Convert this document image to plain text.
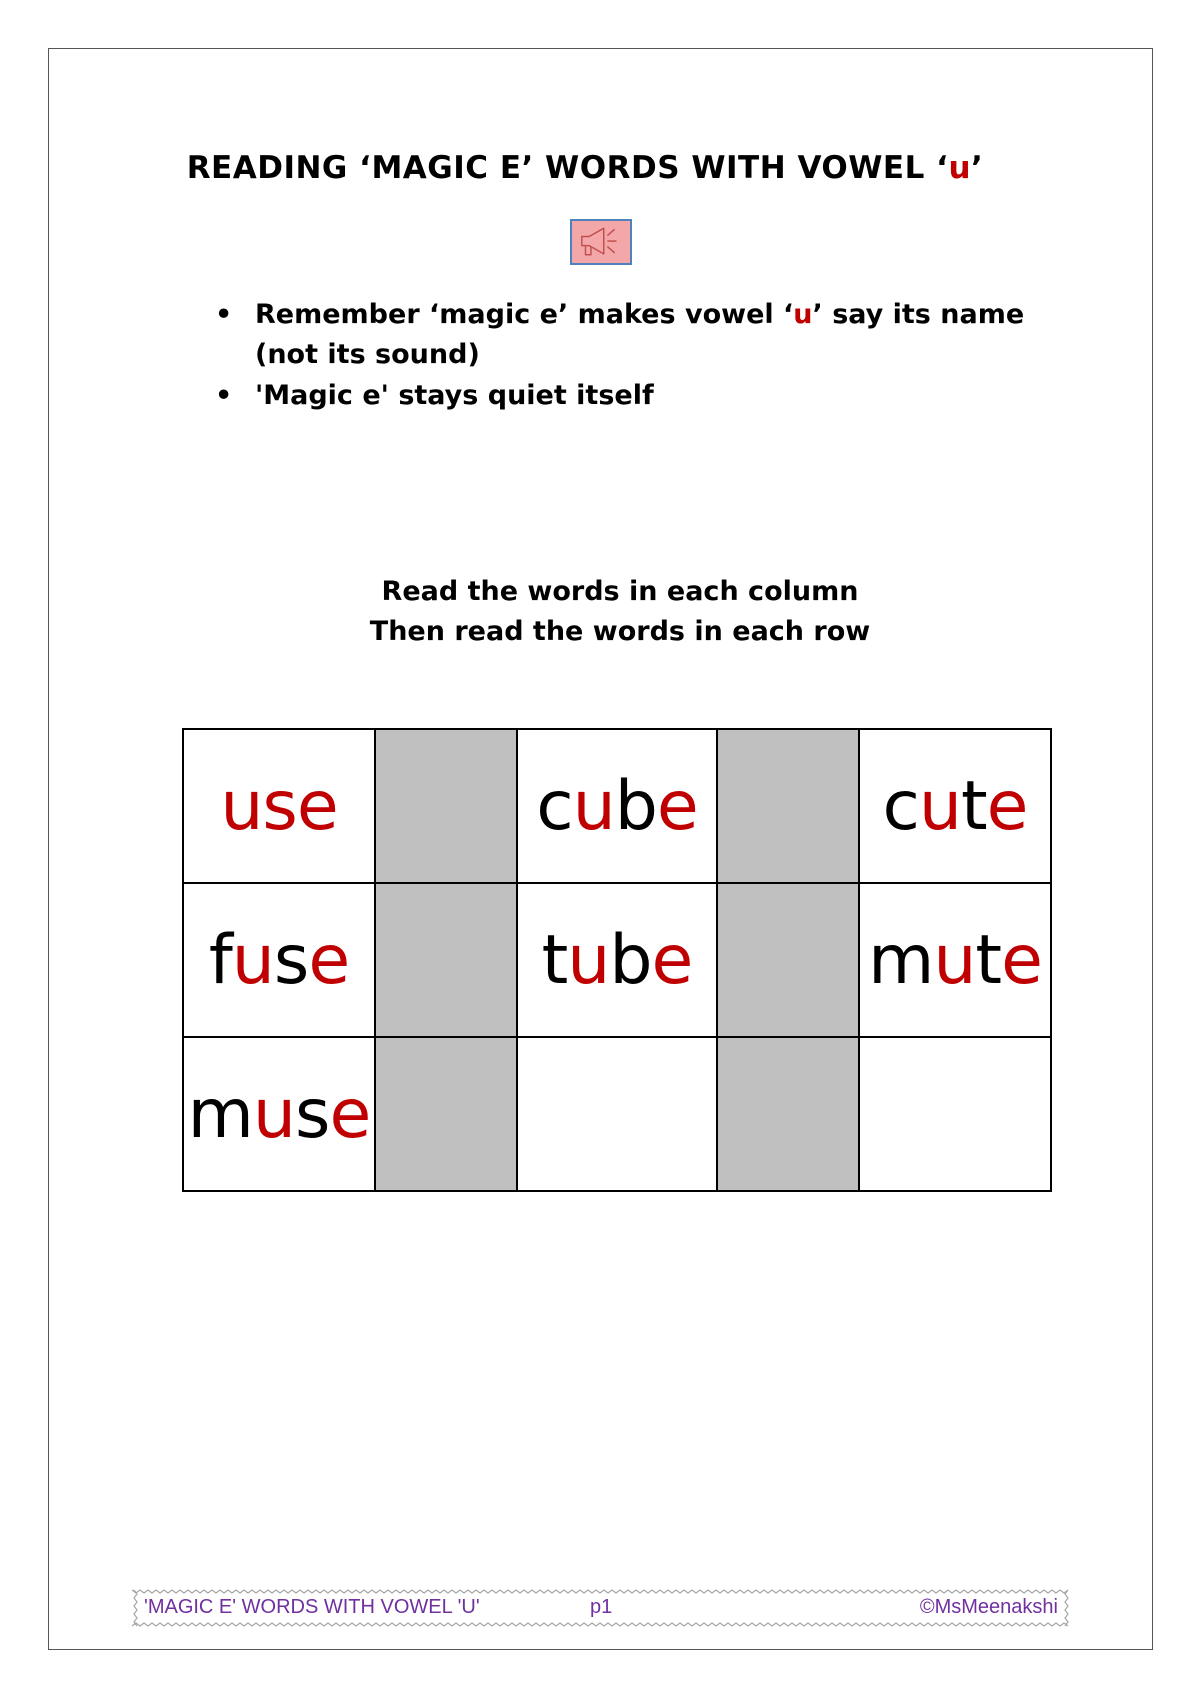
READING ‘MAGIC E’ WORDS WITH VOWEL ‘u’
• Remember ‘magic e’ makes vowel ‘u’ say its name (not its sound)
• 'Magic e' stays quiet itself
Read the words in each column
Then read the words in each row
use		cube		cute
fuse		tube		mute
muse				
'MAGIC E' WORDS WITH VOWEL 'U'	p1	©MsMeenakshi
